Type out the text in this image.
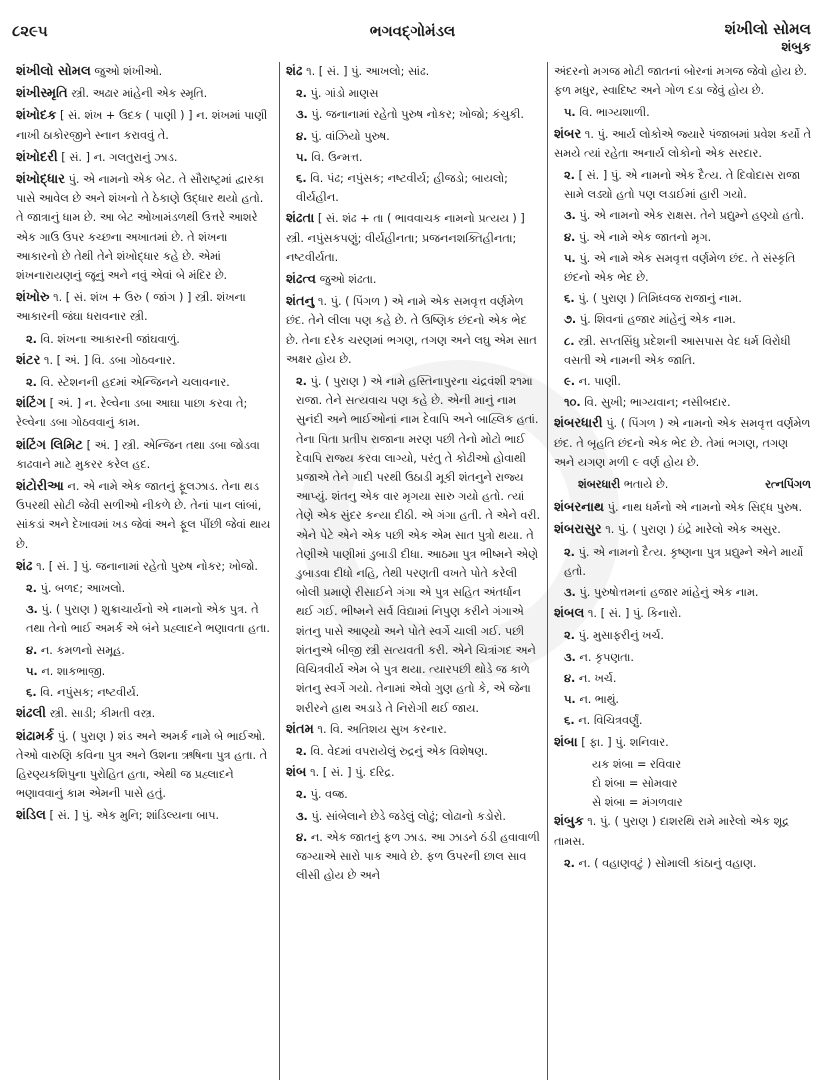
૮૨૯૫	ભગવદ્ગોમંડલ	શંખીલો સોમલ
શંબુક
શંખીલો સોમલ જુઓ શંખીઓ.
શંખીસ્મૃતિ સ્ત્રી. અઢાર માંહેની એક સ્મૃતિ.
શંખોદક [ સં. શંખ + ઉદક ( પાણી ) ] ન. શંખમાં પાણી નાખી ઠાકોરજીને સ્નાન કરાવવું તે.
શંખોદરી [ સં. ] ન. ગલતુરાનું ઝાડ.
શંખોદ્ધાર પું. એ નામનો એક બેટ. તે સૌરાષ્ટ્રમાં દ્વારકા પાસે આવેલ છે અને શંખનો તે ઠેકાણે ઉદ્ધાર થયો હતો. તે જાત્રાનું ધામ છે. આ બેટ ઓખામંડળથી ઉત્તરે આશરે એક ગાઉ ઉપર કચ્છના અખાતમાં છે. તે શંખના આકારનો છે તેથી તેને શંખોદ્ધાર કહે છે. એમાં શંખનારાયણનું જૂનું અને નવું એવાં બે મંદિર છે.
શંખોરુ ૧. [ સં. શંખ + ઉરુ ( જાંગ ) ] સ્ત્રી. શંખના આકારની જંઘા ધરાવનાર સ્ત્રી.
૨. વિ. શંખના આકારની જાંઘવાળું.
શંટર ૧. [ અં. ] વિ. ડબા ગોઠવનાર.
૨. વિ. સ્ટેશનની હદમાં એન્જિનને ચલાવનાર.
શંટિંગ [ અં. ] ન. રેલ્વેના ડબા આઘા પાછા કરવા તે; રેલ્વેના ડબા ગોઠવવાનું કામ.
શંટિંગ લિમિટ [ અં. ] સ્ત્રી. એન્જિન તથા ડબા જોડવા કાઢવાને માટે મુકરર કરેલ હદ.
શંટોરીઆ ન. એ નામે એક જાતનું ફૂલઝાડ. તેના થડ ઉપરથી સોટી જેવી સળીઓ નીકળે છે. તેનાં પાન લાંબાં, સાંકડાં અને દેખાવમાં ખડ જેવાં અને ફૂલ પીંછી જેવાં થાય છે.
શંઢ ૧. [ સં. ] પું. જનાનામાં રહેતો પુરુષ નોકર; ખોજો.
૨. પું. બળદ; આખલો.
૩. પું. ( પુરાણ ) શુક્રાચાર્યનો એ નામનો એક પુત્ર. તે તથા તેનો ભાઈ અમર્ક એ બંને પ્રહ્લાદને ભણાવતા હતા.
૪. ન. કમળનો સમૂહ.
૫. ન. શાકભાજી.
૬. વિ. નપુંસક; નષ્ટવીર્ય.
શંઢલી સ્ત્રી. સાડી; કીમતી વસ્ત્ર.
શંઢામર્ક પું. ( પુરાણ ) શંડ અને અમર્ક નામે બે ભાઈઓ. તેઓ વારુણિ કવિના પુત્ર અને ઉશના ઋષિના પુત્ર હતા. તે હિરણ્યકશિપુના પુરોહિત હતા, એથી જ પ્રહ્લાદને ભણાવવાનું કામ એમની પાસે હતું.
શંડિલ [ સં. ] પું. એક મુનિ; શાંડિલ્યના બાપ.
શંઢ ૧. [ સં. ] પું. આખલો; સાંઢ.
૨. પું. ગાંડો માણસ
૩. પું. જનાનામાં રહેતો પુરુષ નોકર; ખોજો; કંચુકી.
૪. પું. વાંઝિયો પુરુષ.
૫. વિ. ઉન્મત્ત.
૬. વિ. પંઢ; નપુંસક; નષ્ટવીર્ય; હીજડો; બાયલો; વીર્યહીન.
શંઢતા [ સં. શંઢ + તા ( ભાવવાચક નામનો પ્રત્યય ) ] સ્ત્રી. નપુંસકપણું; વીર્યહીનતા; પ્રજનનશક્તિહીનતા; નષ્ટવીર્યતા.
શંઢત્વ જુઓ શંઢતા.
શંતનુ ૧. પું. ( પિંગળ ) એ નામે એક સમવૃત્ત વર્ણમેળ છંદ. તેને લીલા પણ કહે છે. તે ઉષ્ણિક છંદનો એક ભેદ છે. તેના દરેક ચરણમાં ભગણ, તગણ અને લઘુ એમ સાત અક્ષર હોય છે.
૨. પું. ( પુરાણ ) એ નામે હસ્તિનાપુરના ચંદ્રવંશી ૨૧મા રાજા. તેને સત્યવાચ પણ કહે છે. એની માનું નામ સુનંદી અને ભાઈઓનાં નામ દેવાપિ અને બાહ્લિક હતાં. તેના પિતા પ્રતીપ રાજાના મરણ પછી તેનો મોટો ભાઈ દેવાપિ રાજ્ય કરવા લાગ્યો, પરંતુ તે કોઢીઓ હોવાથી પ્રજાએ તેને ગાદી પરથી ઉઠાડી મૂકી શંતનુને રાજ્ય આપ્યું. શંતનુ એક વાર મૃગયા સારુ ગયો હતો. ત્યાં તેણે એક સુંદર કન્યા દીઠી. એ ગંગા હતી. તે એને વરી. એને પેટે એને એક પછી એક એમ સાત પુત્રો થયા. તે તેણીએ પાણીમાં ડુબાડી દીધા. આઠમા પુત્ર ભીષ્મને એણે ડુબાડવા દીધો નહિ, તેથી પરણતી વખતે પોતે કરેલી બોલી પ્રમાણે રીસાઈને ગંગા એ પુત્ર સહિત અંતર્ધાન થઈ ગઈ. ભીષ્મને સર્વ વિદ્યામાં નિપુણ કરીને ગંગાએ શંતનુ પાસે આણ્યો અને પોતે સ્વર્ગે ચાલી ગઈ. પછી શંતનુએ બીજી સ્ત્રી સત્યવતી કરી. એને ચિત્રાંગદ અને વિચિત્રવીર્ય એમ બે પુત્ર થયા. ત્યારપછી થોડે જ કાળે શંતનુ સ્વર્ગે ગયો. તેનામાં એવો ગુણ હતો કે, એ જેના શરીરને હાથ અડાડે તે નિરોગી થઈ જાય.
શંતમ ૧. વિ. અતિશય સુખ કરનાર.
૨. વિ. વેદમાં વપરાયેલું રુદ્રનું એક વિશેષણ.
શંબ ૧. [ સં. ] પું. દરિદ્ર.
૨. પું. વજ્ર.
૩. પું. સાંબેલાને છેડે જડેલું લોઢું; લોઢાનો કડોરો.
૪. ન. એક જાતનું ફળ ઝાડ. આ ઝાડને ઠંડી હવાવાળી જગ્યાએ સારો પાક આવે છે. ફળ ઉપરની છાલ સાવ લીસી હોય છે અને
અંદરનો મગજ મોટી જાતનાં બોરનાં મગજ જેવો હોય છે. ફળ મધુર, સ્વાદિષ્ટ અને ગોળ દડા જેવું હોય છે.
૫. વિ. ભાગ્યશાળી.
શંબર ૧. પું. આર્ય લોકોએ જ્યારે પંજાબમાં પ્રવેશ કર્યો તે સમયે ત્યાં રહેતા અનાર્ય લોકોનો એક સરદાર.
૨. [ સં. ] પું. એ નામનો એક દૈત્ય. તે દિવોદાસ રાજા સામે લડ્યો હતો પણ લડાઈમાં હારી ગયો.
૩. પું. એ નામનો એક રાક્ષસ. તેને પ્રદ્યુમ્ને હણ્યો હતો.
૪. પું. એ નામે એક જાતનો મૃગ.
૫. પું. એ નામે એક સમવૃત્ત વર્ણમેળ છંદ. તે સંસ્કૃતિ છંદનો એક ભેદ છે.
૬. પું. ( પુરાણ ) તિમિધ્વજ રાજાનું નામ.
૭. પું. શિવનાં હજાર માંહેનું એક નામ.
૮. સ્ત્રી. સપ્તસિંધુ પ્રદેશની આસપાસ વેદ ધર્મ વિરોધી વસતી એ નામની એક જાતિ.
૯. ન. પાણી.
૧૦. વિ. સુખી; ભાગ્યવાન; નસીબદાર.
શંબરધારી પું. ( પિંગળ ) એ નામનો એક સમવૃત્ત વર્ણમેળ છંદ. તે બૃહતિ છંદનો એક ભેદ છે. તેમાં ભગણ, તગણ અને યગણ મળી ૯ વર્ણ હોય છે.
શંબરધારી ભતાયે છે.	રત્નપિંગળ
શંબરનાથ પું. નાથ ધર્મનો એ નામનો એક સિદ્ધ પુરુષ.
શંબરાસુર ૧. પું. ( પુરાણ ) ઇંદ્રે મારેલો એક અસુર.
૨. પું. એ નામનો દૈત્ય. કૃષ્ણના પુત્ર પ્રદ્યુમ્ને એને માર્યો હતો.
૩. પું. પુરુષોત્તમનાં હજાર માંહેનું એક નામ.
શંબલ ૧. [ સં. ] પું. કિનારો.
૨. પું. મુસાફરીનું ખર્ચ.
૩. ન. કૃપણતા.
૪. ન. ખર્ચ.
૫. ન. ભાથું.
૬. ન. વિચિત્રવર્ણું.
શંબા [ ફા. ] પું. શનિવાર.
યક શંબા = રવિવાર
દો શંબા = સોમવાર
સે શંબા = મંગળવાર
શંબુક ૧. પું. ( પુરાણ ) દાશરથિ રામે મારેલો એક શૂદ્ર તામસ.
૨. ન. ( વહાણવટું ) સોમાલી કાંઠાનું વહાણ.
